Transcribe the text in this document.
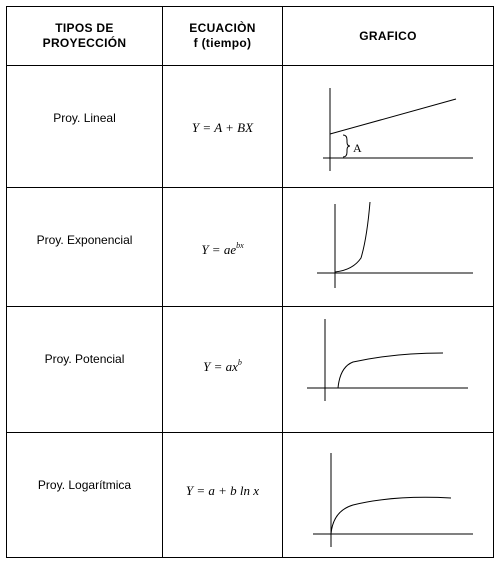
TIPOS DE
PROYECCIÓN
ECUACIÒN
f (tiempo)
GRAFICO
Proy. Lineal
Y = A + BX
A
Proy. Exponencial
$Y = ae^{bx}$
Proy. Potencial
$Y = ax^b$
Proy. Logarítmica	Y = a + b ln x
